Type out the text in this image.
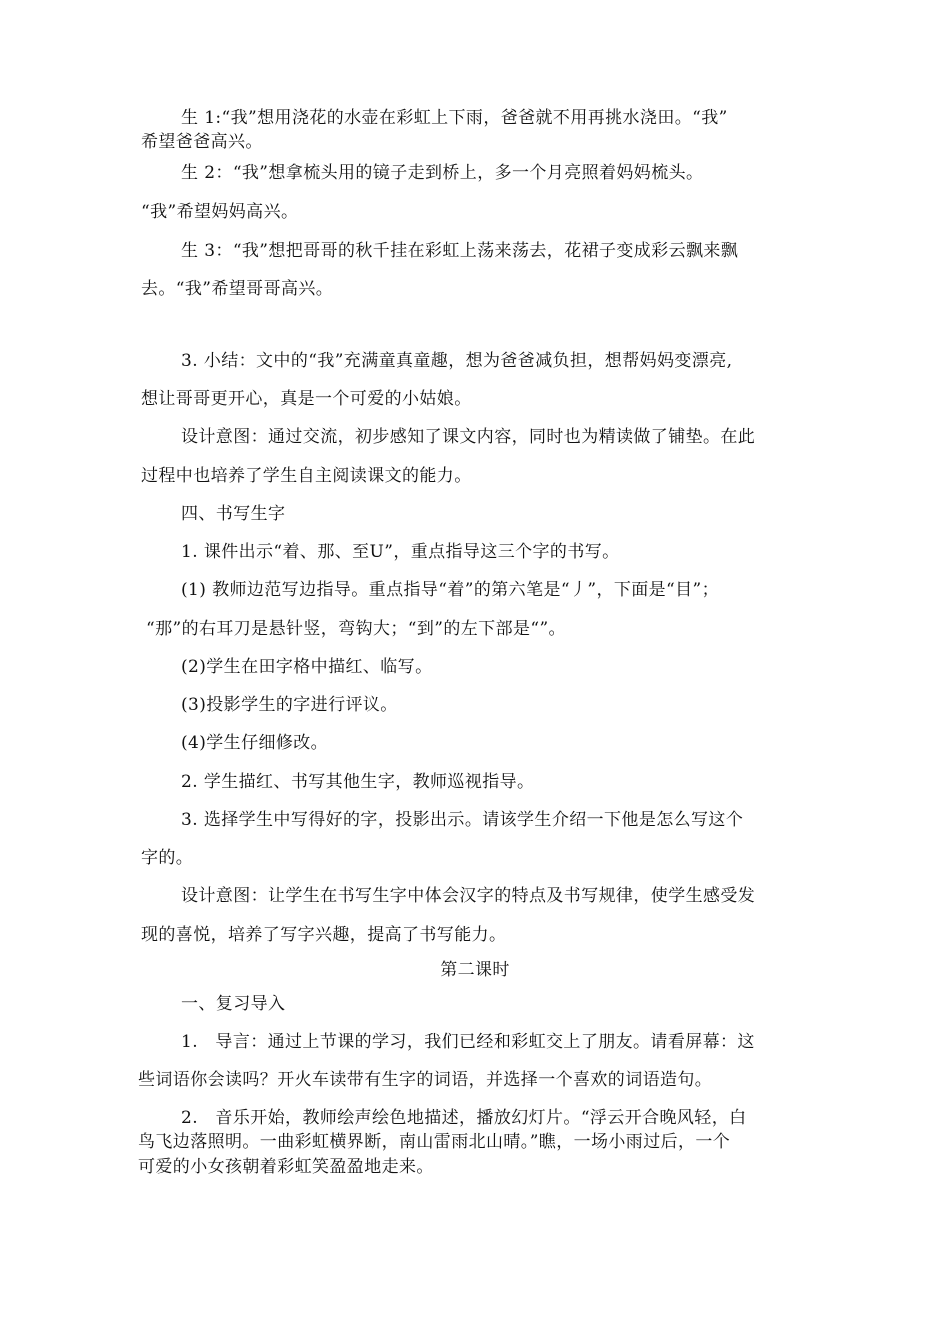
生 1:“我”想用浇花的水壶在彩虹上下雨，爸爸就不用再挑水浇田。“我”
希望爸爸高兴。
生 2：“我”想拿梳头用的镜子走到桥上，多一个月亮照着妈妈梳头。
“我”希望妈妈高兴。
生 3：“我”想把哥哥的秋千挂在彩虹上荡来荡去，花裙子变成彩云飘来飘
去。“我”希望哥哥高兴。
3. 小结：文中的“我”充满童真童趣，想为爸爸减负担，想帮妈妈变漂亮,
想让哥哥更开心，真是一个可爱的小姑娘。
设计意图：通过交流，初步感知了课文内容，同时也为精读做了铺垫。在此
过程中也培养了学生自主阅读课文的能力。
四、书写生字
1. 课件出示“着、那、至U”，重点指导这三个字的书写。
(1) 教师边范写边指导。重点指导“着”的第六笔是“丿”，下面是“目”；
“那”的右耳刀是悬针竖，弯钩大；“到”的左下部是“”。
(2)学生在田字格中描红、临写。
(3)投影学生的字进行评议。
(4)学生仔细修改。
2. 学生描红、书写其他生字，教师巡视指导。
3. 选择学生中写得好的字，投影出示。请该学生介绍一下他是怎么写这个
字的。
设计意图：让学生在书写生字中体会汉字的特点及书写规律，使学生感受发
现的喜悦，培养了写字兴趣，提高了书写能力。
第二课时
一、复习导入
1.　导言：通过上节课的学习，我们已经和彩虹交上了朋友。请看屏幕：这
些词语你会读吗？开火车读带有生字的词语，并选择一个喜欢的词语造句。
2.　音乐开始，教师绘声绘色地描述，播放幻灯片。“浮云开合晚风轻，白
鸟飞边落照明。一曲彩虹横界断，南山雷雨北山晴。”瞧，一场小雨过后，一个
可爱的小女孩朝着彩虹笑盈盈地走来。
